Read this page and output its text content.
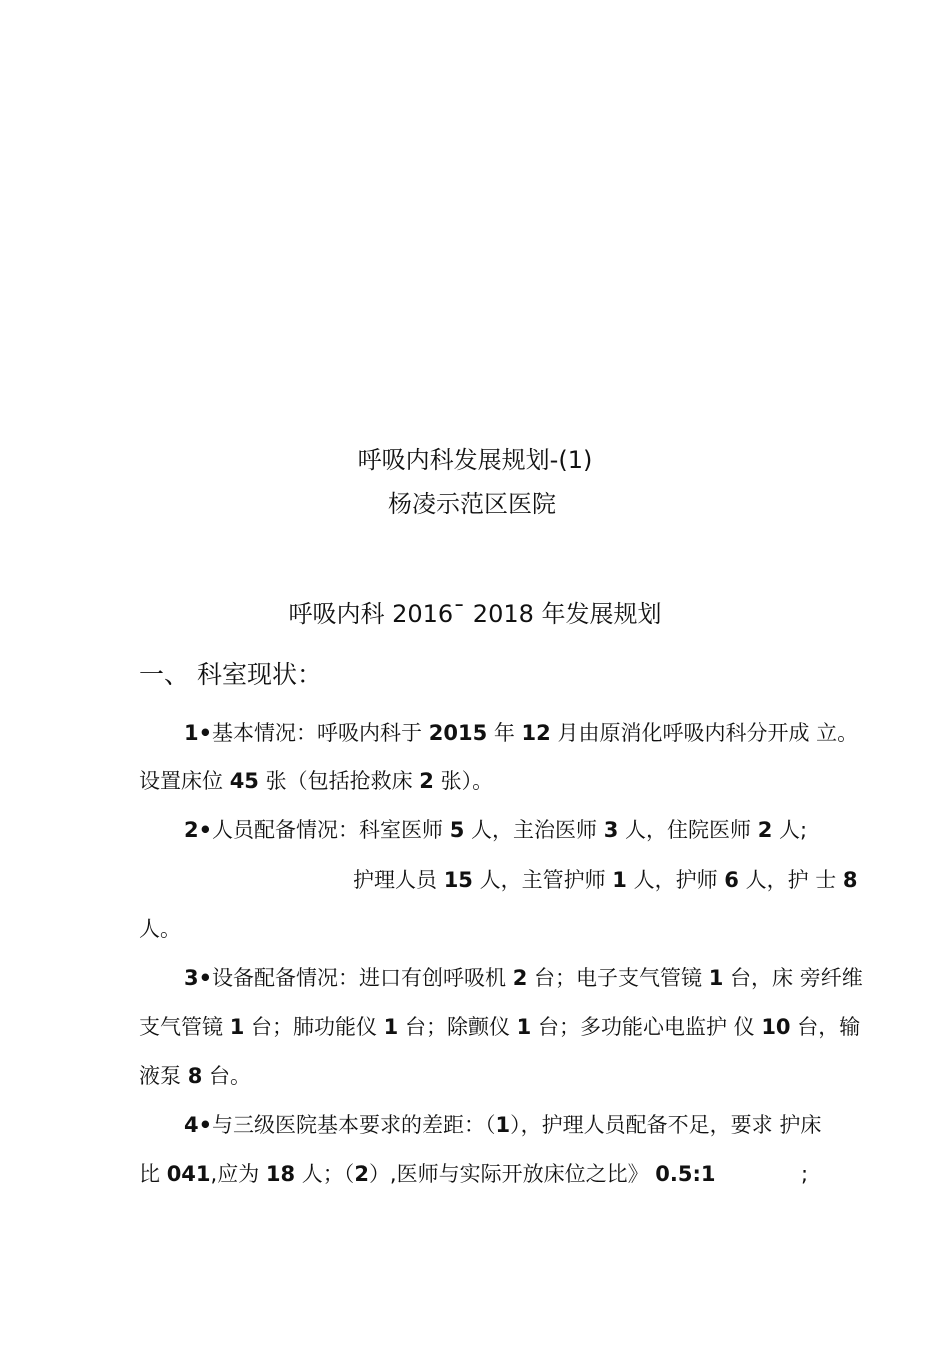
呼吸内科发展规划-(1)
杨凌示范区医院
呼吸内科 2016¯ 2018 年发展规划
一、 科室现状：
1•基本情况：呼吸内科于 2015 年 12 月由原消化呼吸内科分开成 立。
设置床位 45 张（包括抢救床 2 张）。
2•人员配备情况：科室医师 5 人，主治医师 3 人，住院医师 2 人;
护理人员 15 人，主管护师 1 人，护师 6 人，护 士 8
人。
3•设备配备情况：进口有创呼吸机 2 台；电子支气管镜 1 台，床 旁纤维
支气管镜 1 台；肺功能仪 1 台；除颤仪 1 台；多功能心电监护 仪 10 台，输
液泵 8 台。
4•与三级医院基本要求的差距：（1），护理人员配备不足，要求 护床
比 041,应为 18 人；（2）,医师与实际开放床位之比》 0.5:1	;
